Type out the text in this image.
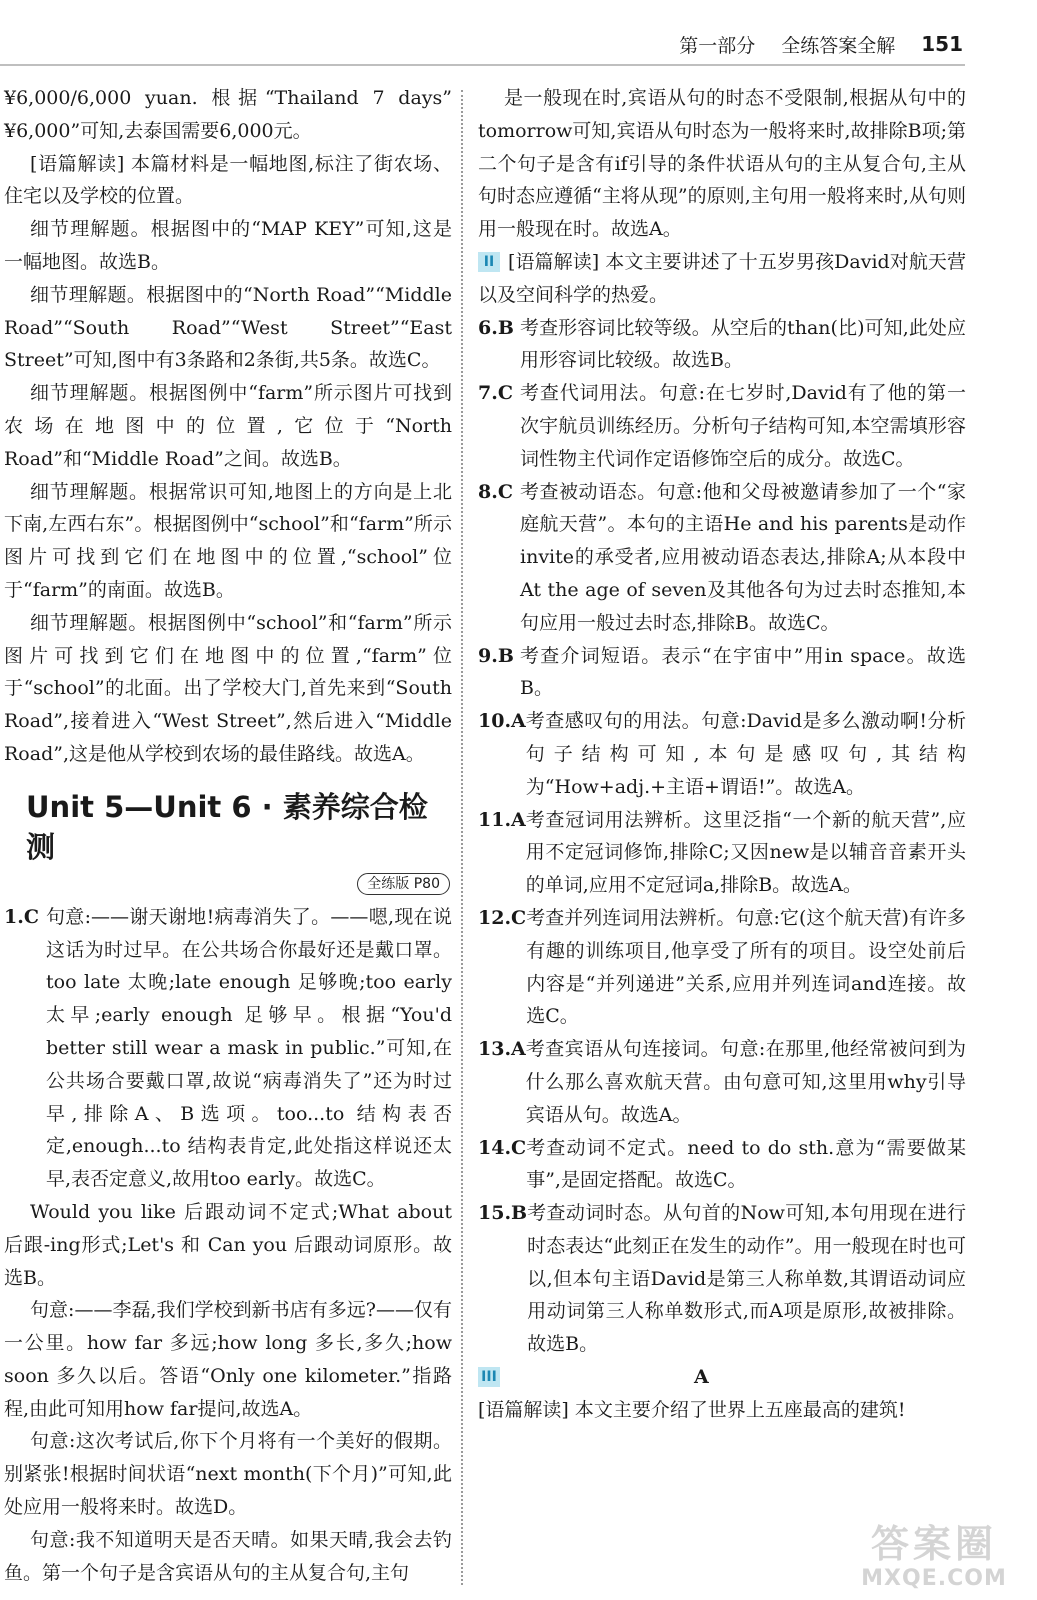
第一部分 全练答案全解 151

¥6,000/6,000 yuan. 根据“Thailand 7 days” ¥6,000”可知,去泰国需要6,000元。

[语篇解读] 本篇材料是一幅地图,标注了街农场、住宅以及学校的位置。

细节理解题。根据图中的“MAP KEY”可知,这是一幅地图。故选B。

细节理解题。根据图中的“North Road”“Middle Road”“South Road”“West Street”“East Street”可知,图中有3条路和2条街,共5条。故选C。

细节理解题。根据图例中“farm”所示图片可找到农场在地图中的位置,它位于“North Road”和“Middle Road”之间。故选B。

细节理解题。根据常识可知,地图上的方向是上北下南,左西右东”。根据图例中“school”和“farm”所示图片可找到它们在地图中的位置,“school”位于“farm”的南面。故选B。

细节理解题。根据图例中“school”和“farm”所示图片可找到它们在地图中的位置,“farm”位于“school”的北面。出了学校大门,首先来到“South Road”,接着进入“West Street”,然后进入“Middle Road”,这是他从学校到农场的最佳路线。故选A。

Unit 5—Unit 6 · 素养综合检测
全练版 P80
1.C 句意:——谢天谢地!病毒消失了。——嗯,现在说这话为时过早。在公共场合你最好还是戴口罩。too late 太晚;late enough 足够晚;too early 太早;early enough 足够早。根据“You'd better still wear a mask in public.”可知,在公共场合要戴口罩,故说“病毒消失了”还为时过早,排除A、B选项。too...to 结构表否定,enough...to 结构表肯定,此处指这样说还太早,表否定意义,故用too early。故选C。

Would you like 后跟动词不定式;What about 后跟-ing形式;Let's 和 Can you 后跟动词原形。故选B。

句意:——李磊,我们学校到新书店有多远?——仅有一公里。how far 多远;how long 多长,多久;how soon 多久以后。答语“Only one kilometer.”指路程,由此可知用how far提问,故选A。

句意:这次考试后,你下个月将有一个美好的假期。别紧张!根据时间状语“next month(下个月)”可知,此处应用一般将来时。故选D。

句意:我不知道明天是否天晴。如果天晴,我会去钓鱼。第一个句子是含宾语从句的主从复合句,主句

是一般现在时,宾语从句的时态不受限制,根据从句中的tomorrow可知,宾语从句时态为一般将来时,故排除B项;第二个句子是含有if引导的条件状语从句的主从复合句,主从句时态应遵循“主将从现”的原则,主句用一般将来时,从句则用一般现在时。故选A。

II [语篇解读] 本文主要讲述了十五岁男孩David对航天营以及空间科学的热爱。

6.B 考查形容词比较等级。从空后的than(比)可知,此处应用形容词比较级。故选B。
7.C 考查代词用法。句意:在七岁时,David有了他的第一次宇航员训练经历。分析句子结构可知,本空需填形容词性物主代词作定语修饰空后的成分。故选C。
8.C 考查被动语态。句意:他和父母被邀请参加了一个“家庭航天营”。本句的主语He and his parents是动作invite的承受者,应用被动语态表达,排除A;从本段中At the age of seven及其他各句为过去时态推知,本句应用一般过去时态,排除B。故选C。
9.B 考查介词短语。表示“在宇宙中”用in space。故选B。
10.A 考查感叹句的用法。句意:David是多么激动啊!分析句子结构可知,本句是感叹句,其结构为“How+adj.+主语+谓语!”。故选A。
11.A 考查冠词用法辨析。这里泛指“一个新的航天营”,应用不定冠词修饰,排除C;又因new是以辅音音素开头的单词,应用不定冠词a,排除B。故选A。
12.C 考查并列连词用法辨析。句意:它(这个航天营)有许多有趣的训练项目,他享受了所有的项目。设空处前后内容是“并列递进”关系,应用并列连词and连接。故选C。
13.A 考查宾语从句连接词。句意:在那里,他经常被问到为什么那么喜欢航天营。由句意可知,这里用why引导宾语从句。故选A。
14.C 考查动词不定式。need to do sth.意为“需要做某事”,是固定搭配。故选C。
15.B 考查动词时态。从句首的Now可知,本句用现在进行时态表达“此刻正在发生的动作”。用一般现在时也可以,但本句主语David是第三人称单数,其谓语动词应用动词第三人称单数形式,而A项是原形,故被排除。故选B。

III	A

[语篇解读] 本文主要介绍了世界上五座最高的建筑!

答案圈
MXQE.COM
